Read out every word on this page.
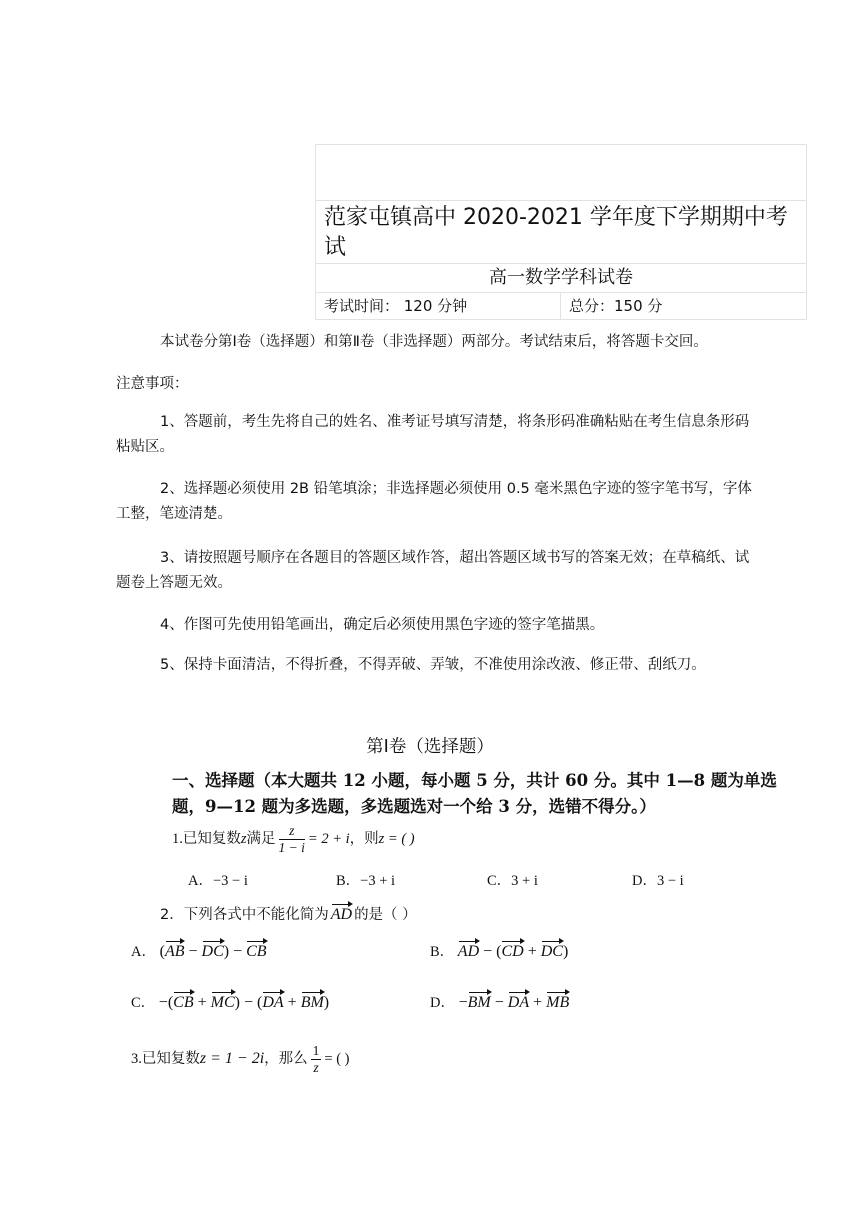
范家屯镇高中 2020-2021 学年度下学期期中考试
高一数学学科试卷
考试时间： 120 分钟	总分：150 分
本试卷分第Ⅰ卷（选择题）和第Ⅱ卷（非选择题）两部分。考试结束后，将答题卡交回。
注意事项：
1、答题前，考生先将自己的姓名、准考证号填写清楚，将条形码准确粘贴在考生信息条形码粘贴区。
2、选择题必须使用 2B 铅笔填涂；非选择题必须使用 0.5 毫米黑色字迹的签字笔书写，字体工整，笔迹清楚。
3、请按照题号顺序在各题目的答题区域作答，超出答题区域书写的答案无效；在草稿纸、试题卷上答题无效。
4、作图可先使用铅笔画出，确定后必须使用黑色字迹的签字笔描黑。
5、保持卡面清洁，不得折叠，不得弄破、弄皱，不准使用涂改液、修正带、刮纸刀。
第Ⅰ卷（选择题）
一、选择题（本大题共 12 小题，每小题 5 分，共计 60 分。其中 1—8 题为单选题，9—12 题为多选题，多选题选对一个给 3 分，选错不得分。）
1.已知复数z满足 $\frac{z}{1 - i} = 2 + i$，则z = ( )
A．−3 − i	B．−3 + i	C．3 + i	D．3 − i
2．下列各式中不能化简为 AD 的是（ ）
A． (AB − DC) − CB	B． AD − (CD + DC)
C． −(CB + MC) − (DA + BM)	D． −BM − DA + MB
3.已知复数z = 1 − 2i，那么 $\frac{1}{z}$ = ( )
